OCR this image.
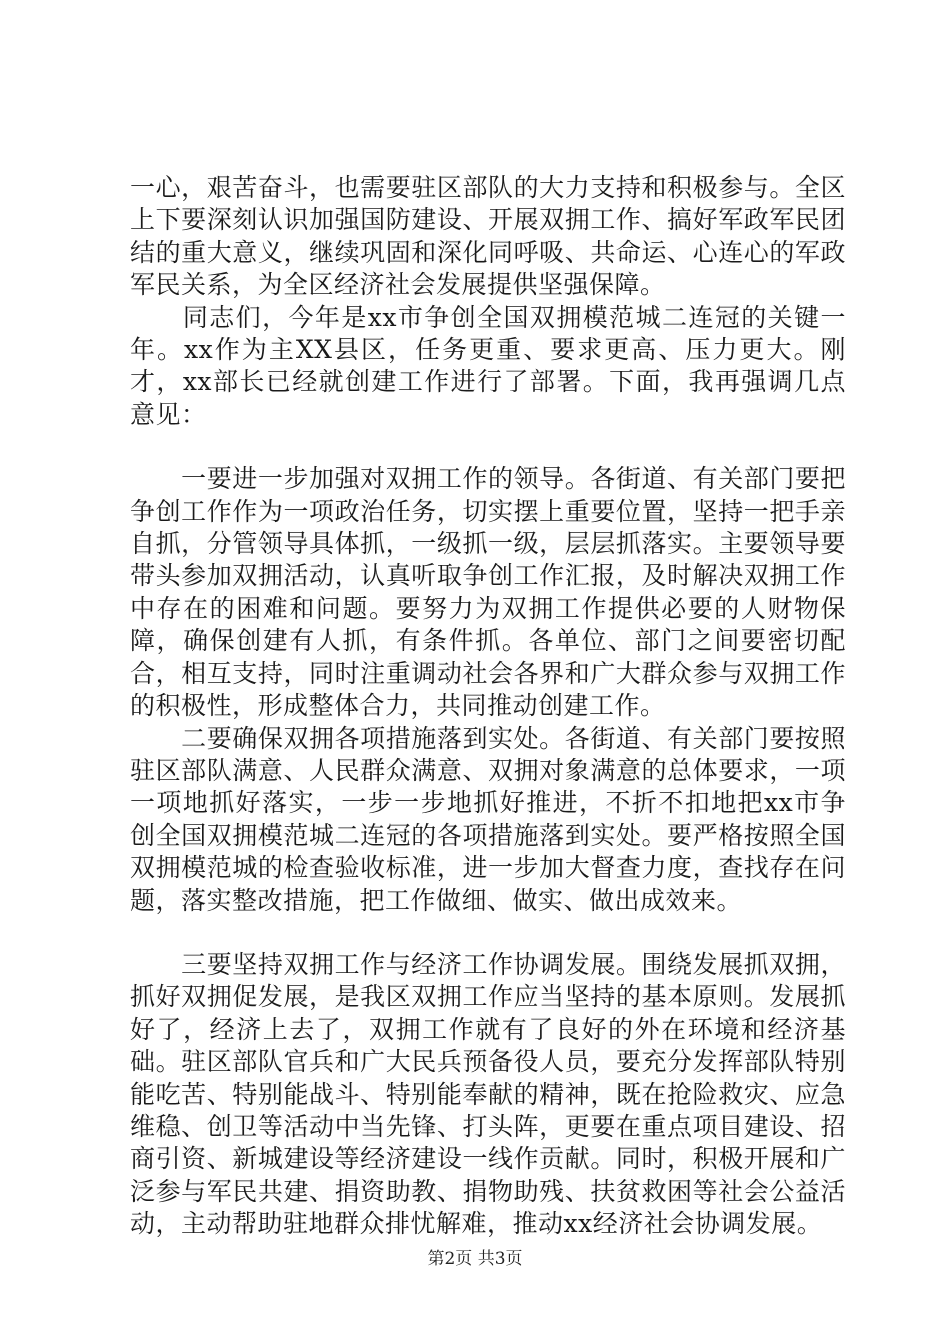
一心，艰苦奋斗，也需要驻区部队的大力支持和积极参与。全区上下要深刻认识加强国防建设、开展双拥工作、搞好军政军民团结的重大意义，继续巩固和深化同呼吸、共命运、心连心的军政军民关系，为全区经济社会发展提供坚强保障。

　　同志们，今年是xx市争创全国双拥模范城二连冠的关键一年。xx作为主XX县区，任务更重、要求更高、压力更大。刚才，xx部长已经就创建工作进行了部署。下面，我再强调几点意见：

　　一要进一步加强对双拥工作的领导。各街道、有关部门要把争创工作作为一项政治任务，切实摆上重要位置，坚持一把手亲自抓，分管领导具体抓，一级抓一级，层层抓落实。主要领导要带头参加双拥活动，认真听取争创工作汇报，及时解决双拥工作中存在的困难和问题。要努力为双拥工作提供必要的人财物保障，确保创建有人抓，有条件抓。各单位、部门之间要密切配合，相互支持，同时注重调动社会各界和广大群众参与双拥工作的积极性，形成整体合力，共同推动创建工作。

　　二要确保双拥各项措施落到实处。各街道、有关部门要按照驻区部队满意、人民群众满意、双拥对象满意的总体要求，一项一项地抓好落实，一步一步地抓好推进，不折不扣地把xx市争创全国双拥模范城二连冠的各项措施落到实处。要严格按照全国双拥模范城的检查验收标准，进一步加大督查力度，查找存在问题，落实整改措施，把工作做细、做实、做出成效来。

　　三要坚持双拥工作与经济工作协调发展。围绕发展抓双拥，抓好双拥促发展，是我区双拥工作应当坚持的基本原则。发展抓好了，经济上去了，双拥工作就有了良好的外在环境和经济基础。驻区部队官兵和广大民兵预备役人员，要充分发挥部队特别能吃苦、特别能战斗、特别能奉献的精神，既在抢险救灾、应急维稳、创卫等活动中当先锋、打头阵，更要在重点项目建设、招商引资、新城建设等经济建设一线作贡献。同时，积极开展和广泛参与军民共建、捐资助教、捐物助残、扶贫救困等社会公益活动，主动帮助驻地群众排忧解难，推动xx经济社会协调发展。

第2页 共3页
